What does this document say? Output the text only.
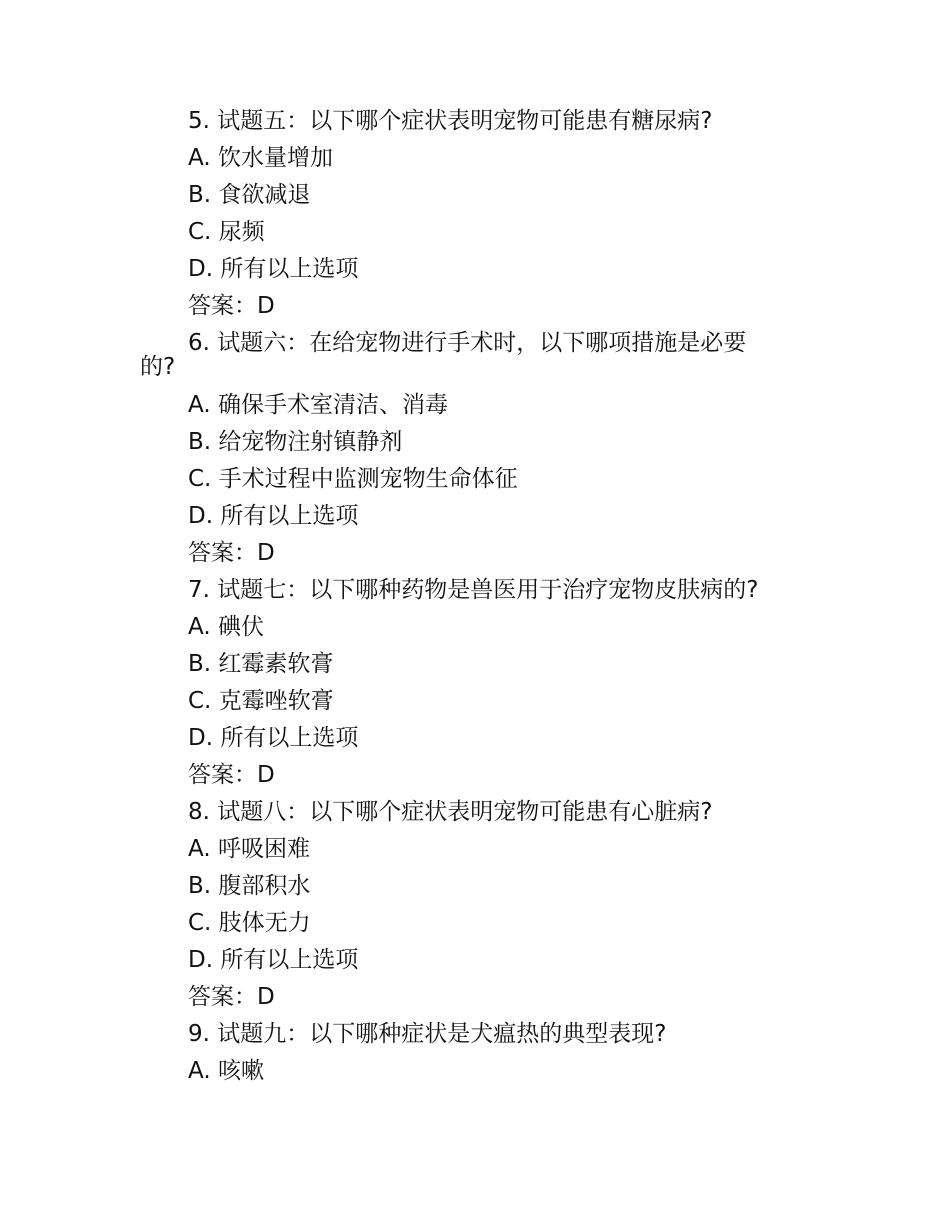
5. 试题五：以下哪个症状表明宠物可能患有糖尿病?
A. 饮水量增加
B. 食欲减退
C. 尿频
D. 所有以上选项
答案：D
6. 试题六：在给宠物进行手术时，以下哪项措施是必要
的?
A. 确保手术室清洁、消毒
B. 给宠物注射镇静剂
C. 手术过程中监测宠物生命体征
D. 所有以上选项
答案：D
7. 试题七：以下哪种药物是兽医用于治疗宠物皮肤病的?
A. 碘伏
B. 红霉素软膏
C. 克霉唑软膏
D. 所有以上选项
答案：D
8. 试题八：以下哪个症状表明宠物可能患有心脏病?
A. 呼吸困难
B. 腹部积水
C. 肢体无力
D. 所有以上选项
答案：D
9. 试题九：以下哪种症状是犬瘟热的典型表现?
A. 咳嗽
